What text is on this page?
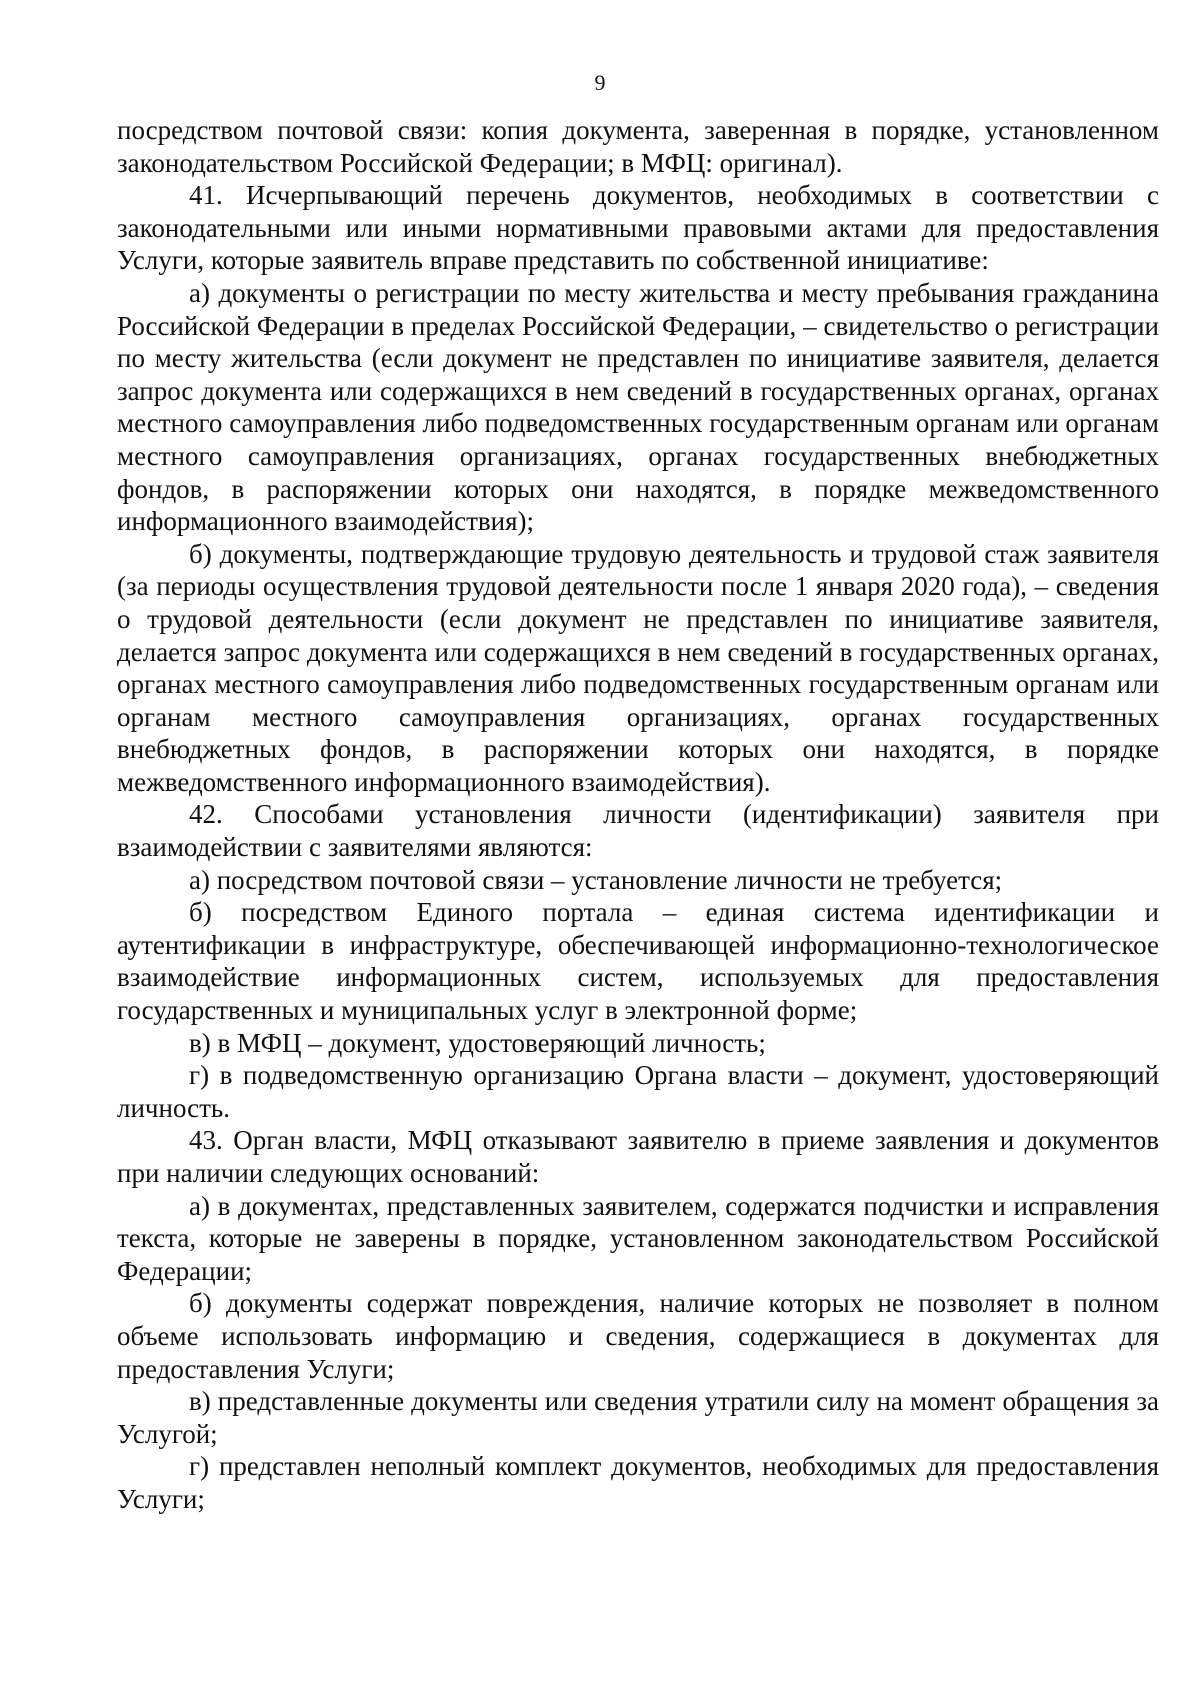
9

посредством почтовой связи: копия документа, заверенная в порядке, установленном законодательством Российской Федерации; в МФЦ: оригинал).

41. Исчерпывающий перечень документов, необходимых в соответствии с законодательными или иными нормативными правовыми актами для предоставления Услуги, которые заявитель вправе представить по собственной инициативе:

а) документы о регистрации по месту жительства и месту пребывания гражданина Российской Федерации в пределах Российской Федерации, – свидетельство о регистрации по месту жительства (если документ не представлен по инициативе заявителя, делается запрос документа или содержащихся в нем сведений в государственных органах, органах местного самоуправления либо подведомственных государственным органам или органам местного самоуправления организациях, органах государственных внебюджетных фондов, в распоряжении которых они находятся, в порядке межведомственного информационного взаимодействия);

б) документы, подтверждающие трудовую деятельность и трудовой стаж заявителя (за периоды осуществления трудовой деятельности после 1 января 2020 года), – сведения о трудовой деятельности (если документ не представлен по инициативе заявителя, делается запрос документа или содержащихся в нем сведений в государственных органах, органах местного самоуправления либо подведомственных государственным органам или органам местного самоуправления организациях, органах государственных внебюджетных фондов, в распоряжении которых они находятся, в порядке межведомственного информационного взаимодействия).

42. Способами установления личности (идентификации) заявителя при взаимодействии с заявителями являются:

а) посредством почтовой связи – установление личности не требуется;

б) посредством Единого портала – единая система идентификации и аутентификации в инфраструктуре, обеспечивающей информационно-технологическое взаимодействие информационных систем, используемых для предоставления государственных и муниципальных услуг в электронной форме;

в) в МФЦ – документ, удостоверяющий личность;

г) в подведомственную организацию Органа власти – документ, удостоверяющий личность.

43. Орган власти, МФЦ отказывают заявителю в приеме заявления и документов при наличии следующих оснований:

а) в документах, представленных заявителем, содержатся подчистки и исправления текста, которые не заверены в порядке, установленном законодательством Российской Федерации;

б) документы содержат повреждения, наличие которых не позволяет в полном объеме использовать информацию и сведения, содержащиеся в документах для предоставления Услуги;

в) представленные документы или сведения утратили силу на момент обращения за Услугой;

г) представлен неполный комплект документов, необходимых для предоставления Услуги;
